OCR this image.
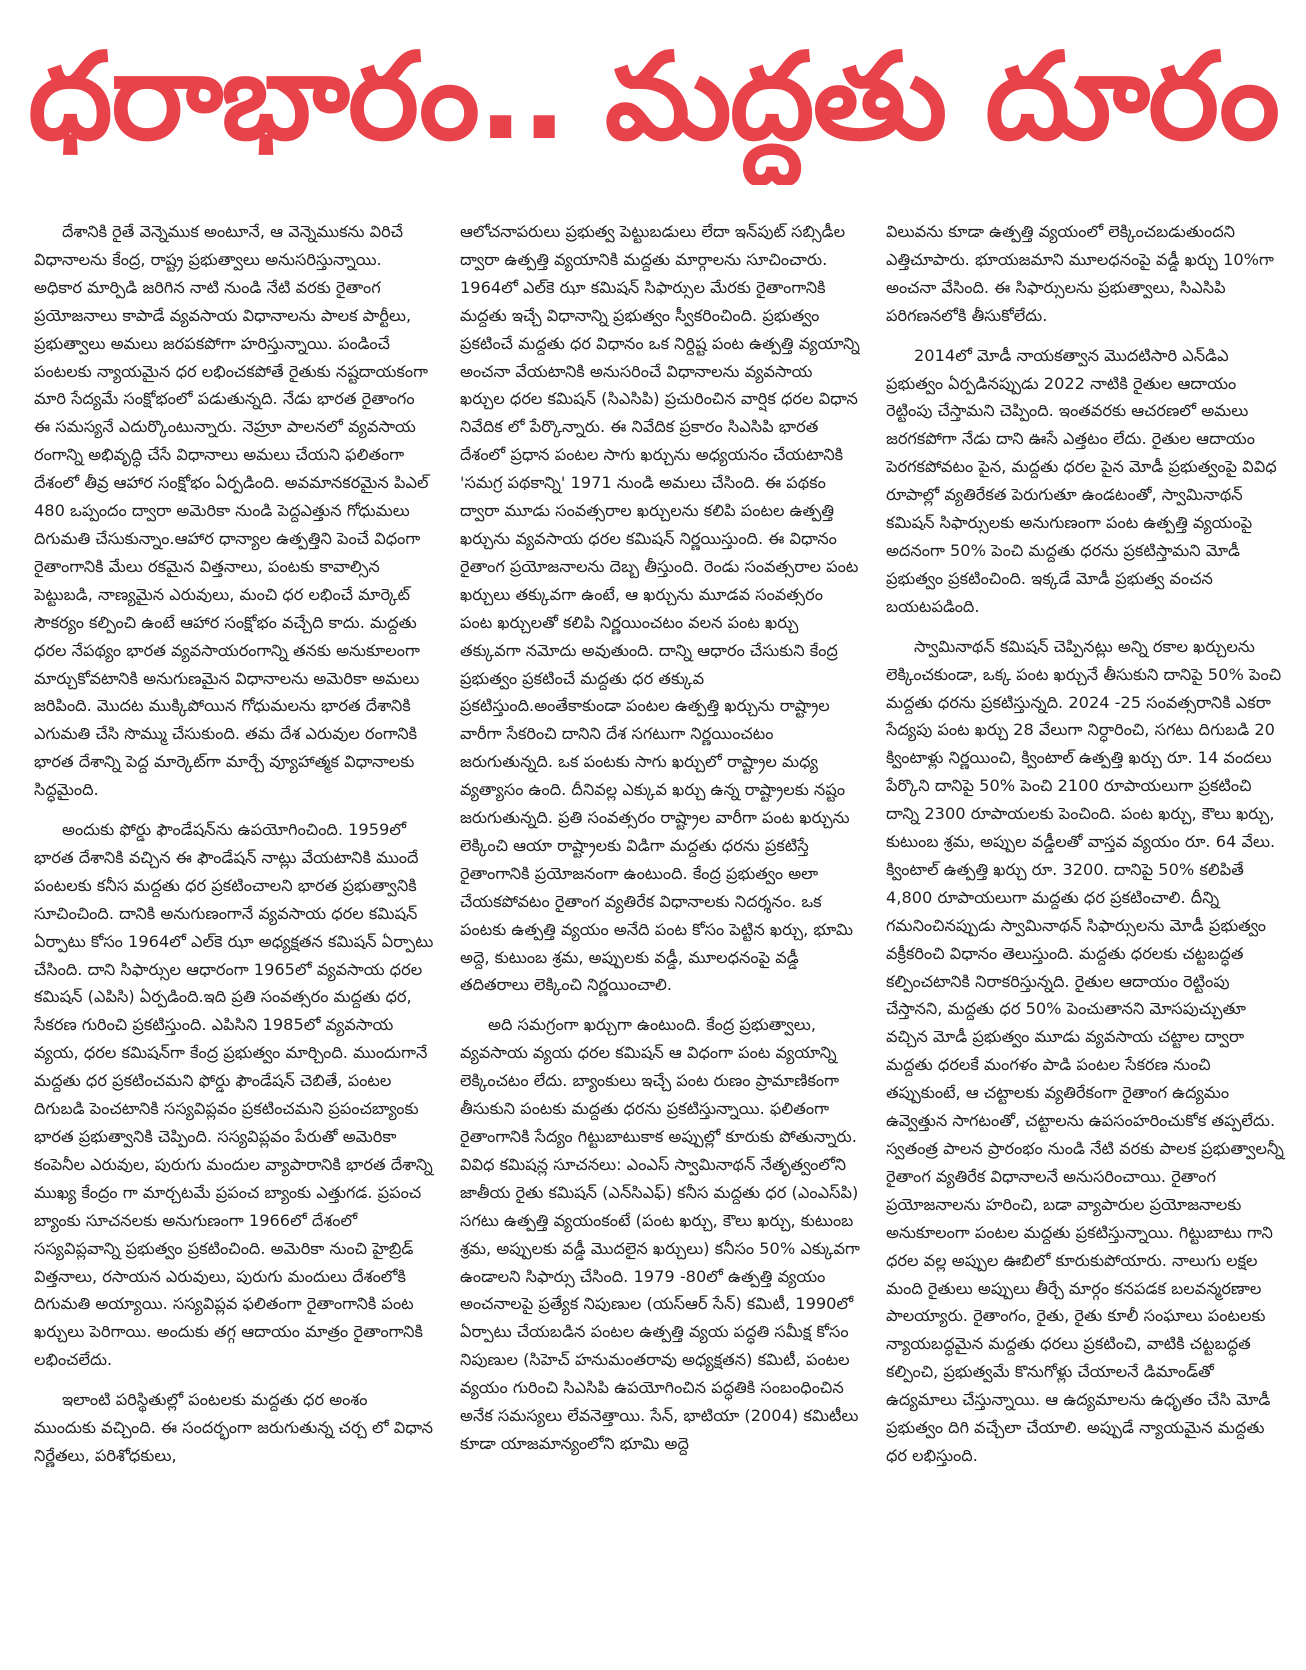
ధరాభారం.. మద్దతు దూరం

దేశానికి రైతే వెన్నెముక అంటూనే, ఆ వెన్నెముకను విరిచే విధానాలను కేంద్ర, రాష్ట్ర ప్రభుత్వాలు అనుసరిస్తున్నాయి. అధికార మార్పిడి జరిగిన నాటి నుండి నేటి వరకు రైతాంగ ప్రయోజనాలు కాపాడే వ్యవసాయ విధానాలను పాలక పార్టీలు, ప్రభుత్వాలు అమలు జరపకపోగా హరిస్తున్నాయి. పండించే పంటలకు న్యాయమైన ధర లభించకపోతే రైతుకు నష్టదాయకంగా మారి సేద్యమే సంక్షోభంలో పడుతున్నది. నేడు భారత రైతాంగం ఈ సమస్యనే ఎదుర్కొంటున్నారు. నెహ్రూ పాలనలో వ్యవసాయ రంగాన్ని అభివృద్ధి చేసే విధానాలు అమలు చేయని ఫలితంగా దేశంలో తీవ్ర ఆహార సంక్షోభం ఏర్పడింది. అవమానకరమైన పిఎల్ 480 ఒప్పందం ద్వారా అమెరికా నుండి పెద్దఎత్తున గోధుమలు దిగుమతి చేసుకున్నాం.ఆహార ధాన్యాల ఉత్పత్తిని పెంచే విధంగా రైతాంగానికి మేలు రకమైన విత్తనాలు, పంటకు కావాల్సిన పెట్టుబడి, నాణ్యమైన ఎరువులు, మంచి ధర లభించే మార్కెట్ సౌకర్యం కల్పించి ఉంటే ఆహార సంక్షోభం వచ్చేది కాదు. మద్దతు ధరల నేపథ్యం భారత వ్యవసాయరంగాన్ని తనకు అనుకూలంగా మార్చుకోవటానికి అనుగుణమైన విధానాలను అమెరికా అమలు జరిపింది. మొదట ముక్కిపోయిన గోధుమలను భారత దేశానికి ఎగుమతి చేసి సొమ్ము చేసుకుంది. తమ దేశ ఎరువుల రంగానికి భారత దేశాన్ని పెద్ద మార్కెట్‌గా మార్చే వ్యూహాత్మక విధానాలకు సిద్ధమైంది.

అందుకు ఫోర్డు ఫౌండేషన్‌ను ఉపయోగించింది. 1959లో భారత దేశానికి వచ్చిన ఈ ఫౌండేషన్ నాట్లు వేయటానికి ముందే పంటలకు కనీస మద్దతు ధర ప్రకటించాలని భారత ప్రభుత్వానికి సూచించింది. దానికి అనుగుణంగానే వ్యవసాయ ధరల కమిషన్ ఏర్పాటు కోసం 1964లో ఎల్‌కె ఝా అధ్యక్షతన కమిషన్ ఏర్పాటు చేసింది. దాని సిఫార్సుల ఆధారంగా 1965లో వ్యవసాయ ధరల కమిషన్ (ఎపిసి) ఏర్పడింది.ఇది ప్రతి సంవత్సరం మద్దతు ధర, సేకరణ గురించి ప్రకటిస్తుంది. ఎపిసిని 1985లో వ్యవసాయ వ్యయ, ధరల కమిషన్‌గా కేంద్ర ప్రభుత్వం మార్చింది. ముందుగానే మద్దతు ధర ప్రకటించమని ఫోర్డు ఫౌండేషన్ చెబితే, పంటల దిగుబడి పెంచటానికి సస్యవిప్లవం ప్రకటించమని ప్రపంచబ్యాంకు భారత ప్రభుత్వానికి చెప్పింది. సస్యవిప్లవం పేరుతో అమెరికా కంపెనీల ఎరువుల, పురుగు మందుల వ్యాపారానికి భారత దేశాన్ని ముఖ్య కేంద్రం గా మార్చటమే ప్రపంచ బ్యాంకు ఎత్తుగడ. ప్రపంచ బ్యాంకు సూచనలకు అనుగుణంగా 1966లో దేశంలో సస్యవిప్లవాన్ని ప్రభుత్వం ప్రకటించింది. అమెరికా నుంచి హైబ్రిడ్ విత్తనాలు, రసాయన ఎరువులు, పురుగు మందులు దేశంలోకి దిగుమతి అయ్యాయి. సస్యవిప్లవ ఫలితంగా రైతాంగానికి పంట ఖర్చులు పెరిగాయి. అందుకు తగ్గ ఆదాయం మాత్రం రైతాంగానికి లభించలేదు.

ఇలాంటి పరిస్థితుల్లో పంటలకు మద్దతు ధర అంశం ముందుకు వచ్చింది. ఈ సందర్భంగా జరుగుతున్న చర్చ లో విధాన నిర్ణేతలు, పరిశోధకులు,

ఆలోచనాపరులు ప్రభుత్వ పెట్టుబడులు లేదా ఇన్‌పుట్ సబ్సిడీల ద్వారా ఉత్పత్తి వ్యయానికి మద్దతు మార్గాలను సూచించారు. 1964లో ఎల్‌కె ఝా కమిషన్ సిఫార్సుల మేరకు రైతాంగానికి మద్దతు ఇచ్చే విధానాన్ని ప్రభుత్వం స్వీకరించింది. ప్రభుత్వం ప్రకటించే మద్దతు ధర విధానం ఒక నిర్దిష్ట పంట ఉత్పత్తి వ్యయాన్ని అంచనా వేయటానికి అనుసరించే విధానాలను వ్యవసాయ ఖర్చుల ధరల కమిషన్ (సిఎసిపి) ప్రచురించిన వార్షిక ధరల విధాన నివేదిక లో పేర్కొన్నారు. ఈ నివేదిక ప్రకారం సిఎసిపి భారత దేశంలో ప్రధాన పంటల సాగు ఖర్చును అధ్యయనం చేయటానికి 'సమగ్ర పథకాన్ని' 1971 నుండి అమలు చేసింది. ఈ పథకం ద్వారా మూడు సంవత్సరాల ఖర్చులను కలిపి పంటల ఉత్పత్తి ఖర్చును వ్యవసాయ ధరల కమిషన్ నిర్ణయిస్తుంది. ఈ విధానం రైతాంగ ప్రయోజనాలను దెబ్బ తీస్తుంది. రెండు సంవత్సరాల పంట ఖర్చులు తక్కువగా ఉంటే, ఆ ఖర్చును మూడవ సంవత్సరం పంట ఖర్చులతో కలిపి నిర్ణయించటం వలన పంట ఖర్చు తక్కువగా నమోదు అవుతుంది. దాన్ని ఆధారం చేసుకుని కేంద్ర ప్రభుత్వం ప్రకటించే మద్దతు ధర తక్కువ ప్రకటిస్తుంది.అంతేకాకుండా పంటల ఉత్పత్తి ఖర్చును రాష్ట్రాల వారీగా సేకరించి దానిని దేశ సగటుగా నిర్ణయించటం జరుగుతున్నది. ఒక పంటకు సాగు ఖర్చులో రాష్ట్రాల మధ్య వ్యత్యాసం ఉంది. దీనివల్ల ఎక్కువ ఖర్చు ఉన్న రాష్ట్రాలకు నష్టం జరుగుతున్నది. ప్రతి సంవత్సరం రాష్ట్రాల వారీగా పంట ఖర్చును లెక్కించి ఆయా రాష్ట్రాలకు విడిగా మద్దతు ధరను ప్రకటిస్తే రైతాంగానికి ప్రయోజనంగా ఉంటుంది. కేంద్ర ప్రభుత్వం అలా చేయకపోవటం రైతాంగ వ్యతిరేక విధానాలకు నిదర్శనం. ఒక పంటకు ఉత్పత్తి వ్యయం అనేది పంట కోసం పెట్టిన ఖర్చు, భూమి అద్దె, కుటుంబ శ్రమ, అప్పులకు వడ్డీ, మూలధనంపై వడ్డీ తదితరాలు లెక్కించి నిర్ణయించాలి.

అది సమగ్రంగా ఖర్చుగా ఉంటుంది. కేంద్ర ప్రభుత్వాలు, వ్యవసాయ వ్యయ ధరల కమిషన్ ఆ విధంగా పంట వ్యయాన్ని లెక్కించటం లేదు. బ్యాంకులు ఇచ్చే పంట రుణం ప్రామాణికంగా తీసుకుని పంటకు మద్దతు ధరను ప్రకటిస్తున్నాయి. ఫలితంగా రైతాంగానికి సేద్యం గిట్టుబాటుకాక అప్పుల్లో కూరుకు పోతున్నారు. వివిధ కమిషన్ల సూచనలు: ఎంఎస్ స్వామినాథన్ నేతృత్వంలోని జాతీయ రైతు కమిషన్ (ఎన్‌సిఎఫ్) కనీస మద్దతు ధర (ఎంఎస్‌పి) సగటు ఉత్పత్తి వ్యయంకంటే (పంట ఖర్చు, కౌలు ఖర్చు, కుటుంబ శ్రమ, అప్పులకు వడ్డీ మొదలైన ఖర్చులు) కనీసం 50% ఎక్కువగా ఉండాలని సిఫార్సు చేసింది. 1979 -80లో ఉత్పత్తి వ్యయం అంచనాలపై ప్రత్యేక నిపుణుల (యస్‌ఆర్ సేన్) కమిటీ, 1990లో ఏర్పాటు చేయబడిన పంటల ఉత్పత్తి వ్యయ పద్ధతి సమీక్ష కోసం నిపుణుల (సిహెచ్ హనుమంతరావు అధ్యక్షతన) కమిటీ, పంటల వ్యయం గురించి సిఎసిపి ఉపయోగించిన పద్ధతికి సంబంధించిన అనేక సమస్యలు లేవనెత్తాయి. సేన్, భాటియా (2004) కమిటీలు కూడా యాజమాన్యంలోని భూమి అద్దె

విలువను కూడా ఉత్పత్తి వ్యయంలో లెక్కించబడుతుందని ఎత్తిచూపారు. భూయజమాని మూలధనంపై వడ్డీ ఖర్చు 10%గా అంచనా వేసింది. ఈ సిఫార్సులను ప్రభుత్వాలు, సిఎసిపి పరిగణనలోకి తీసుకోలేదు.

2014లో మోడీ నాయకత్వాన మొదటిసారి ఎన్‌డిఎ ప్రభుత్వం ఏర్పడినప్పుడు 2022 నాటికి రైతుల ఆదాయం రెట్టింపు చేస్తామని చెప్పింది. ఇంతవరకు ఆచరణలో అమలు జరగకపోగా నేడు దాని ఊసే ఎత్తటం లేదు. రైతుల ఆదాయం పెరగకపోవటం పైన, మద్దతు ధరల పైన మోడీ ప్రభుత్వంపై వివిధ రూపాల్లో వ్యతిరేకత పెరుగుతూ ఉండటంతో, స్వామినాథన్ కమిషన్ సిఫార్సులకు అనుగుణంగా పంట ఉత్పత్తి వ్యయంపై అదనంగా 50% పెంచి మద్దతు ధరను ప్రకటిస్తామని మోడీ ప్రభుత్వం ప్రకటించింది. ఇక్కడే మోడీ ప్రభుత్వ వంచన బయటపడింది.

స్వామినాథన్ కమిషన్ చెప్పినట్లు అన్ని రకాల ఖర్చులను లెక్కించకుండా, ఒక్క పంట ఖర్చునే తీసుకుని దానిపై 50% పెంచి మద్దతు ధరను ప్రకటిస్తున్నది. 2024 -25 సంవత్సరానికి ఎకరా సేద్యపు పంట ఖర్చు 28 వేలుగా నిర్ధారించి, సగటు దిగుబడి 20 క్వింటాళ్లు నిర్ణయించి, క్వింటాల్ ఉత్పత్తి ఖర్చు రూ. 14 వందలు పేర్కొని దానిపై 50% పెంచి 2100 రూపాయలుగా ప్రకటించి దాన్ని 2300 రూపాయలకు పెంచింది. పంట ఖర్చు, కౌలు ఖర్చు, కుటుంబ శ్రమ, అప్పుల వడ్డీలతో వాస్తవ వ్యయం రూ. 64 వేలు. క్వింటాల్ ఉత్పత్తి ఖర్చు రూ. 3200. దానిపై 50% కలిపితే 4,800 రూపాయలుగా మద్దతు ధర ప్రకటించాలి. దీన్ని గమనించినప్పుడు స్వామినాథన్ సిఫార్సులను మోడీ ప్రభుత్వం వక్రీకరించి విధానం తెలుస్తుంది. మద్దతు ధరలకు చట్టబద్ధత కల్పించటానికి నిరాకరిస్తున్నది. రైతుల ఆదాయం రెట్టింపు చేస్తానని, మద్దతు ధర 50% పెంచుతానని మోసపుచ్చుతూ వచ్చిన మోడీ ప్రభుత్వం మూడు వ్యవసాయ చట్టాల ద్వారా మద్దతు ధరలకే మంగళం పాడి పంటల సేకరణ నుంచి తప్పుకుంటే, ఆ చట్టాలకు వ్యతిరేకంగా రైతాంగ ఉద్యమం ఉవ్వెత్తున సాగటంతో, చట్టాలను ఉపసంహరించుకోక తప్పలేదు. స్వతంత్ర పాలన ప్రారంభం నుండి నేటి వరకు పాలక ప్రభుత్వాలన్నీ రైతాంగ వ్యతిరేక విధానాలనే అనుసరించాయి. రైతాంగ ప్రయోజనాలను హరించి, బడా వ్యాపారుల ప్రయోజనాలకు అనుకూలంగా పంటల మద్దతు ప్రకటిస్తున్నాయి. గిట్టుబాటు గాని ధరల వల్ల అప్పుల ఊబిలో కూరుకుపోయారు. నాలుగు లక్షల మంది రైతులు అప్పులు తీర్చే మార్గం కనపడక బలవన్మరణాల పాలయ్యారు. రైతాంగం, రైతు, రైతు కూలీ సంఘాలు పంటలకు న్యాయబద్ధమైన మద్దతు ధరలు ప్రకటించి, వాటికి చట్టబద్ధత కల్పించి, ప్రభుత్వమే కొనుగోళ్లు చేయాలనే డిమాండ్‌తో ఉద్యమాలు చేస్తున్నాయి. ఆ ఉద్యమాలను ఉధృతం చేసి మోడీ ప్రభుత్వం దిగి వచ్చేలా చేయాలి. అప్పుడే న్యాయమైన మద్దతు ధర లభిస్తుంది.
